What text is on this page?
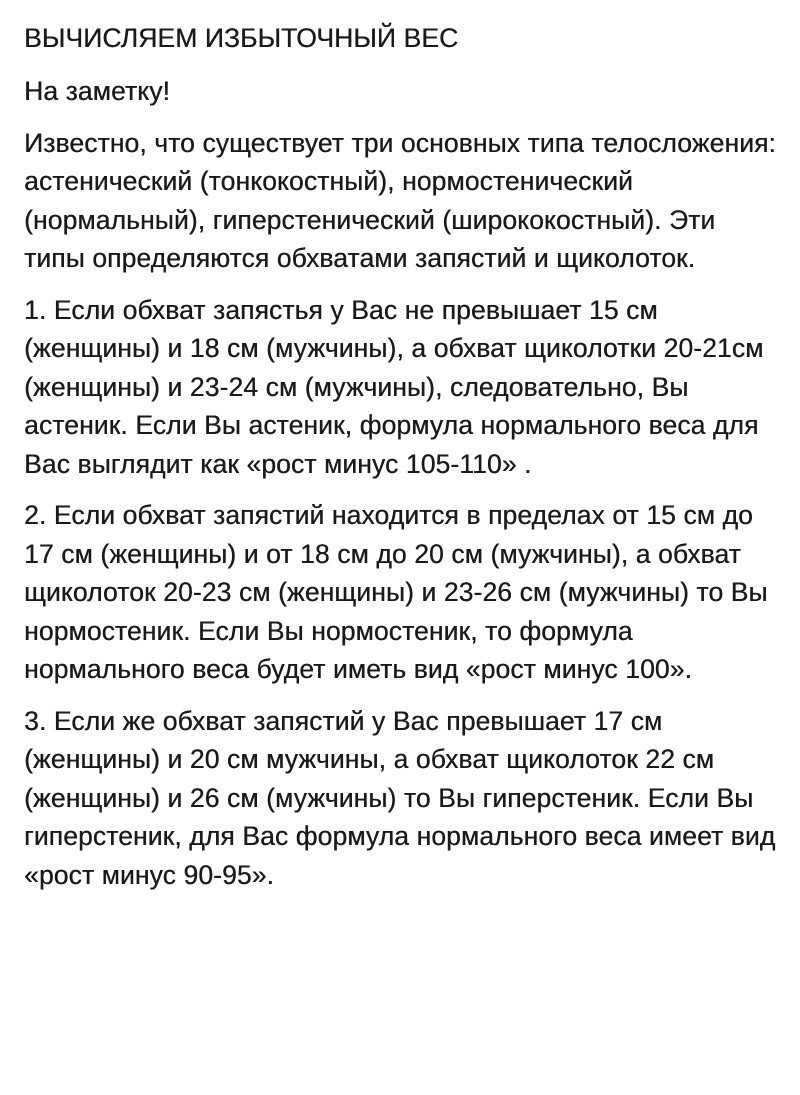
ВЫЧИСЛЯЕМ ИЗБЫТОЧНЫЙ ВЕС

На заметку!

Известно, что существует три основных типа телосложения: астенический (тонкокостный), нормостенический (нормальный), гиперстенический (ширококостный). Эти типы определяются обхватами запястий и щиколоток.

1. Если обхват запястья у Вас не превышает 15 см (женщины) и 18 см (мужчины), а обхват щиколотки 20-21см (женщины) и 23-24 см (мужчины), следовательно, Вы астеник. Если Вы астеник, формула нормального веса для Вас выглядит как «рост минус 105-110» .

2. Если обхват запястий находится в пределах от 15 см до 17 см (женщины) и от 18 см до 20 см (мужчины), а обхват щиколоток 20-23 см (женщины) и 23-26 см (мужчины) то Вы нормостеник. Если Вы нормостеник, то формула нормального веса будет иметь вид «рост минус 100».

3. Если же обхват запястий у Вас превышает 17 см (женщины) и 20 см мужчины, а обхват щиколоток 22 см (женщины) и 26 см (мужчины) то Вы гиперстеник. Если Вы гиперстеник, для Вас формула нормального веса имеет вид «рост минус 90-95».
